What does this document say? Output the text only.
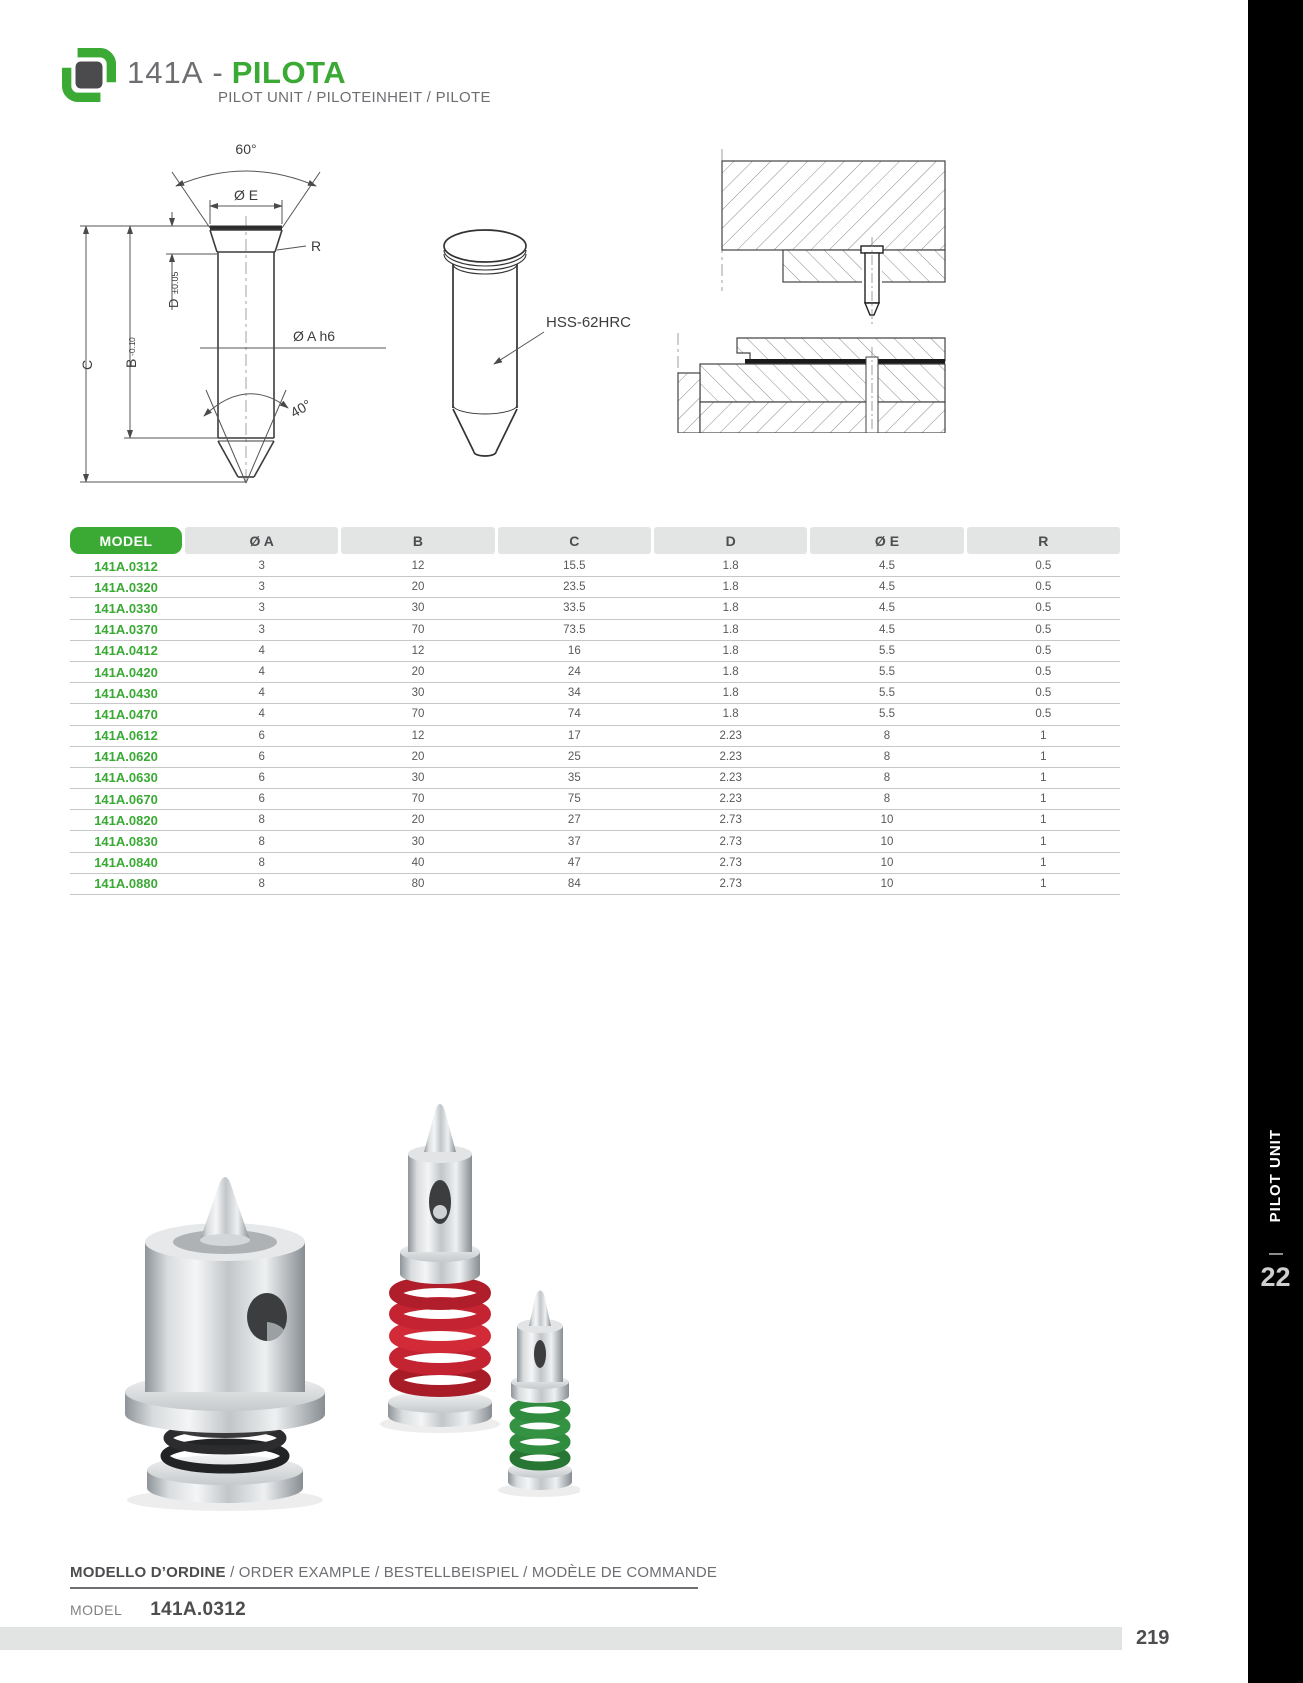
141A - PILOTA
PILOT UNIT / PILOTEINHEIT / PILOTE
60°
Ø E
R
D
±0.05
B
0
-0.1
C
Ø A h6
40°
HSS-62HRC
MODEL	Ø A	B	C	D	Ø E	R
141A.0312	3	12	15.5	1.8	4.5	0.5
141A.0320	3	20	23.5	1.8	4.5	0.5
141A.0330	3	30	33.5	1.8	4.5	0.5
141A.0370	3	70	73.5	1.8	4.5	0.5
141A.0412	4	12	16	1.8	5.5	0.5
141A.0420	4	20	24	1.8	5.5	0.5
141A.0430	4	30	34	1.8	5.5	0.5
141A.0470	4	70	74	1.8	5.5	0.5
141A.0612	6	12	17	2.23	8	1
141A.0620	6	20	25	2.23	8	1
141A.0630	6	30	35	2.23	8	1
141A.0670	6	70	75	2.23	8	1
141A.0820	8	20	27	2.73	10	1
141A.0830	8	30	37	2.73	10	1
141A.0840	8	40	47	2.73	10	1
141A.0880	8	80	84	2.73	10	1
MODELLO D’ORDINE / ORDER EXAMPLE / BESTELLBEISPIEL / MODÈLE DE COMMANDE
MODEL 141A.0312
219
PILOT UNIT
22
